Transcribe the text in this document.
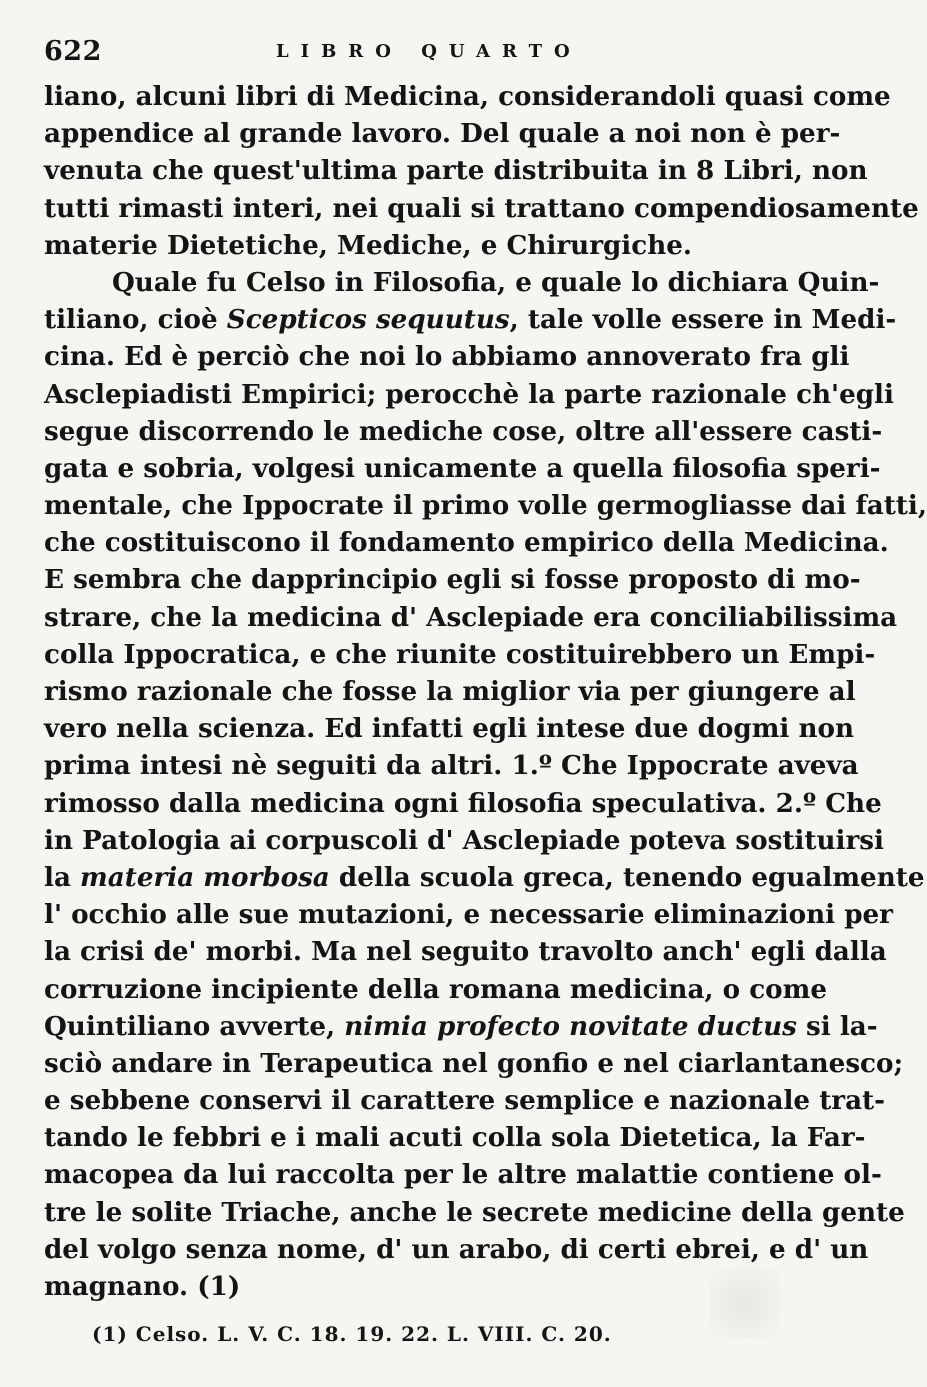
622	LIBRO QUARTO
liano, alcuni libri di Medicina, considerandoli quasi come
appendice al grande lavoro. Del quale a noi non è per-
venuta che quest'ultima parte distribuita in 8 Libri, non
tutti rimasti interi, nei quali si trattano compendiosamente
materie Dietetiche, Mediche, e Chirurgiche.
Quale fu Celso in Filosofia, e quale lo dichiara Quin-
tiliano, cioè Scepticos sequutus, tale volle essere in Medi-
cina. Ed è perciò che noi lo abbiamo annoverato fra gli
Asclepiadisti Empirici; perocchè la parte razionale ch'egli
segue discorrendo le mediche cose, oltre all'essere casti-
gata e sobria, volgesi unicamente a quella filosofia speri-
mentale, che Ippocrate il primo volle germogliasse dai fatti,
che costituiscono il fondamento empirico della Medicina.
E sembra che dapprincipio egli si fosse proposto di mo-
strare, che la medicina d' Asclepiade era conciliabilissima
colla Ippocratica, e che riunite costituirebbero un Empi-
rismo razionale che fosse la miglior via per giungere al
vero nella scienza. Ed infatti egli intese due dogmi non
prima intesi nè seguiti da altri. 1.º Che Ippocrate aveva
rimosso dalla medicina ogni filosofia speculativa. 2.º Che
in Patologia ai corpuscoli d' Asclepiade poteva sostituirsi
la materia morbosa della scuola greca, tenendo egualmente
l' occhio alle sue mutazioni, e necessarie eliminazioni per
la crisi de' morbi. Ma nel seguito travolto anch' egli dalla
corruzione incipiente della romana medicina, o come
Quintiliano avverte, nimia profecto novitate ductus si la-
sciò andare in Terapeutica nel gonfio e nel ciarlantanesco;
e sebbene conservi il carattere semplice e nazionale trat-
tando le febbri e i mali acuti colla sola Dietetica, la Far-
macopea da lui raccolta per le altre malattie contiene ol-
tre le solite Triache, anche le secrete medicine della gente
del volgo senza nome, d' un arabo, di certi ebrei, e d' un
magnano. (1)
(1) Celso. L. V. C. 18. 19. 22. L. VIII. C. 20.
